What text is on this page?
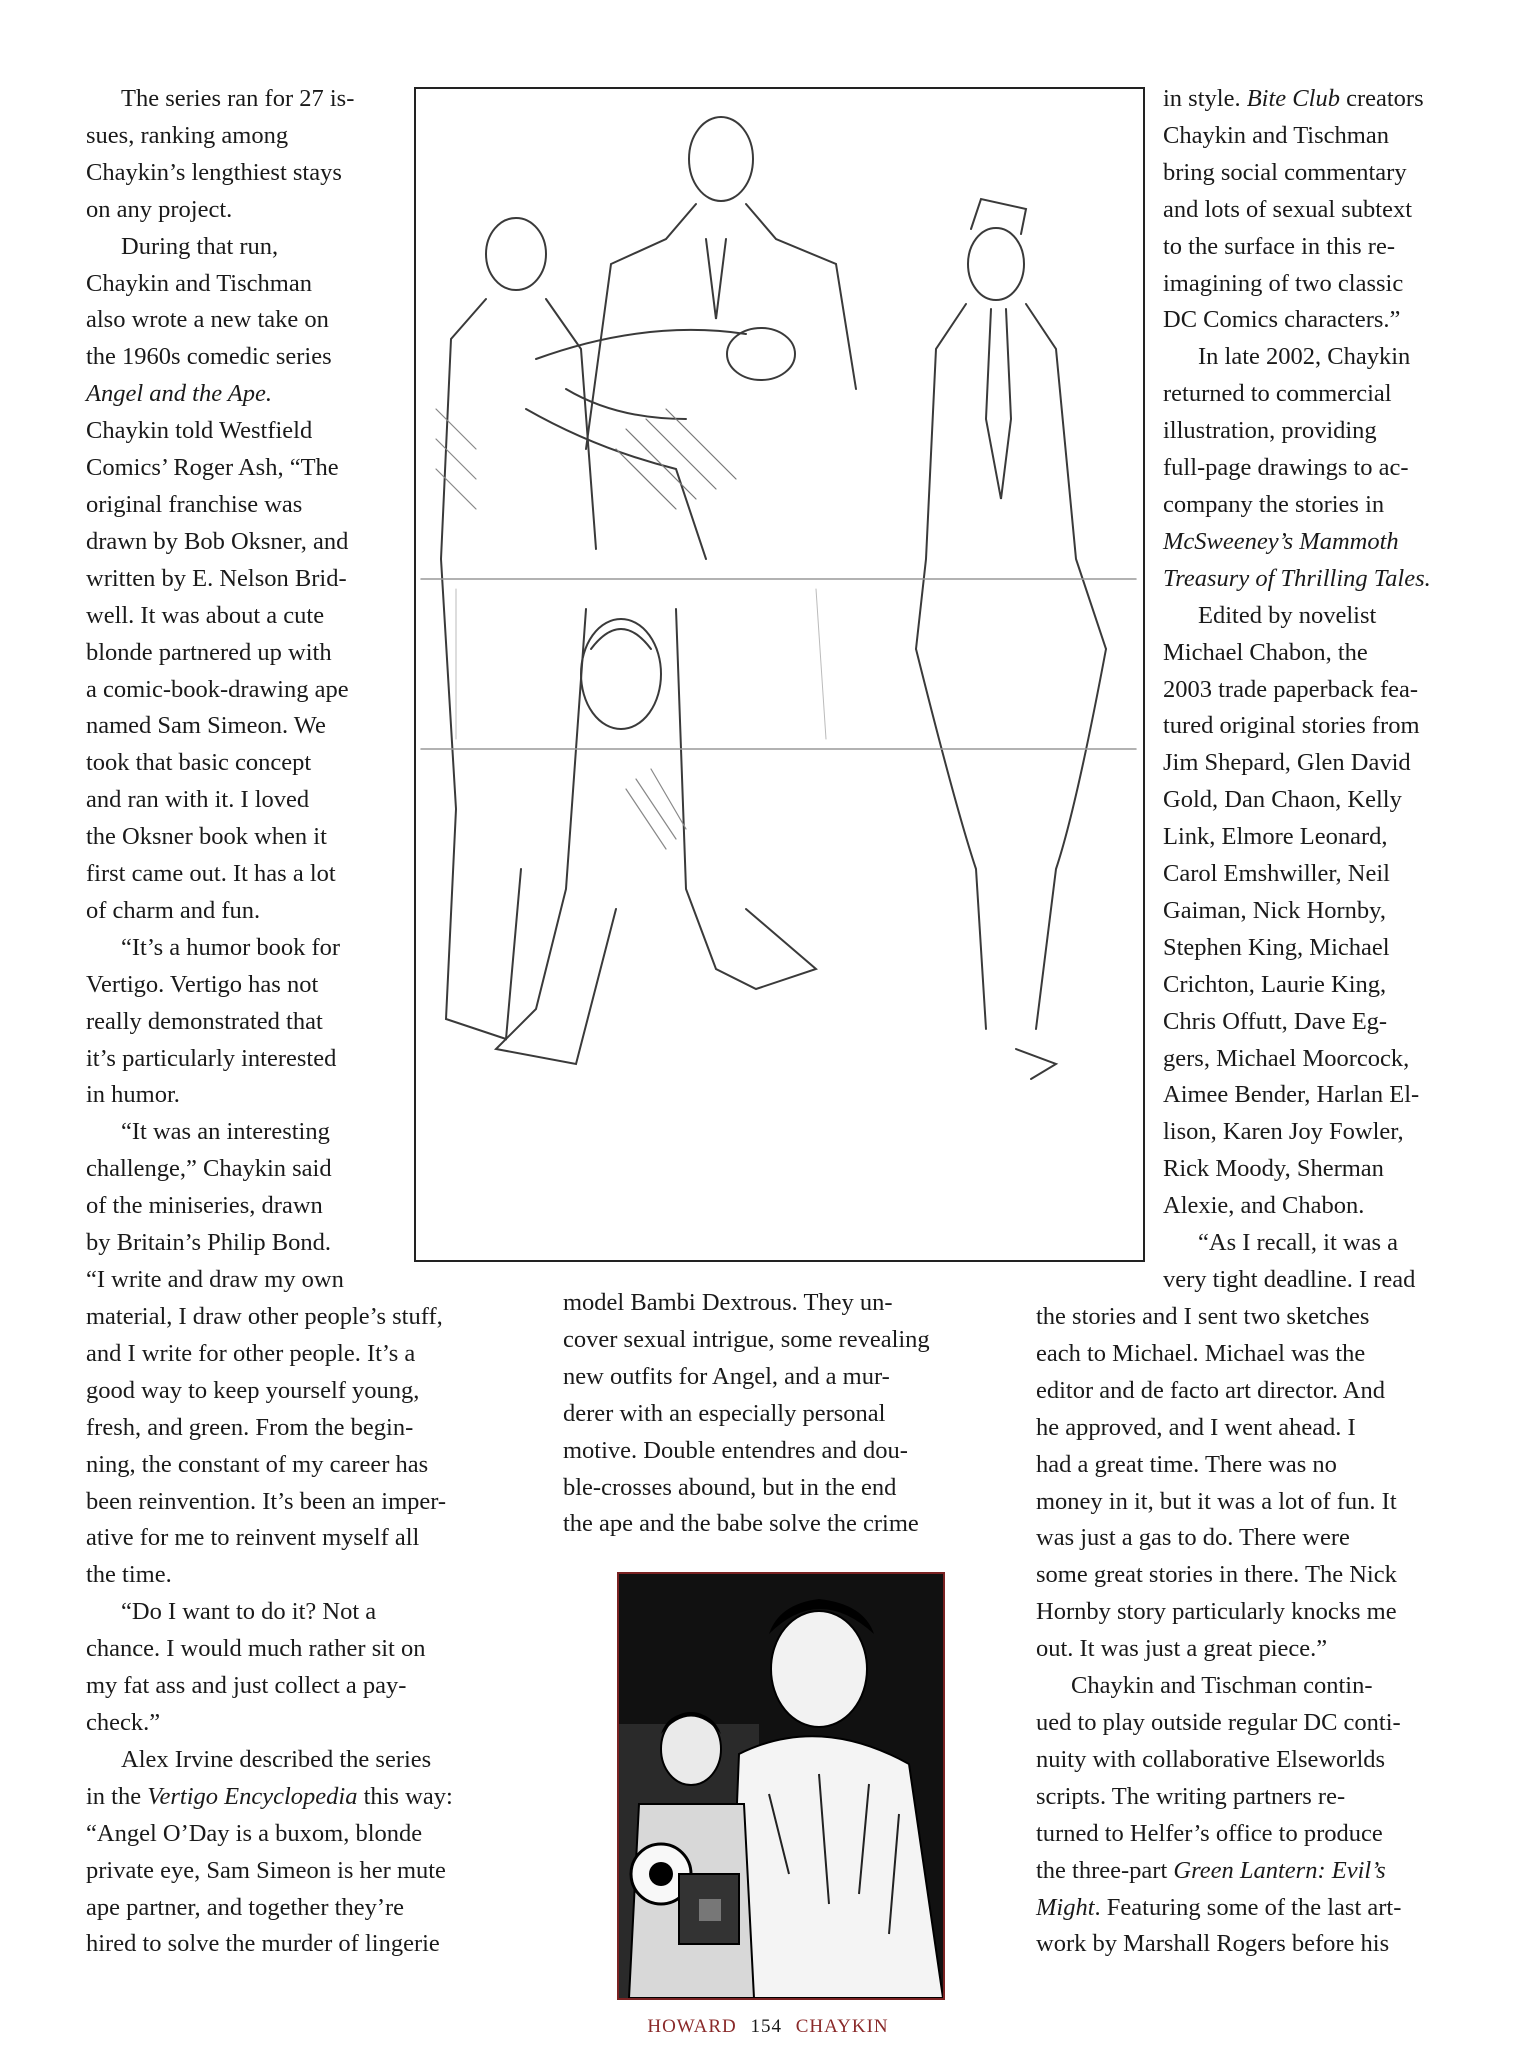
The series ran for 27 is-
sues, ranking among
Chaykin’s lengthiest stays
on any project.
During that run,
Chaykin and Tischman
also wrote a new take on
the 1960s comedic series
Angel and the Ape.
Chaykin told Westfield
Comics’ Roger Ash, “The
original franchise was
drawn by Bob Oksner, and
written by E. Nelson Brid-
well. It was about a cute
blonde partnered up with
a comic-book-drawing ape
named Sam Simeon. We
took that basic concept
and ran with it. I loved
the Oksner book when it
first came out. It has a lot
of charm and fun.
“It’s a humor book for
Vertigo. Vertigo has not
really demonstrated that
it’s particularly interested
in humor.
“It was an interesting
challenge,” Chaykin said
of the miniseries, drawn
by Britain’s Philip Bond.
“I write and draw my own
material, I draw other people’s stuff,
and I write for other people. It’s a
good way to keep yourself young,
fresh, and green. From the begin-
ning, the constant of my career has
been reinvention. It’s been an imper-
ative for me to reinvent myself all
the time.
“Do I want to do it? Not a
chance. I would much rather sit on
my fat ass and just collect a pay-
check.”
Alex Irvine described the series
in the Vertigo Encyclopedia this way:
“Angel O’Day is a buxom, blonde
private eye, Sam Simeon is her mute
ape partner, and together they’re
hired to solve the murder of lingerie
model Bambi Dextrous. They un-
cover sexual intrigue, some revealing
new outfits for Angel, and a mur-
derer with an especially personal
motive. Double entendres and dou-
ble-crosses abound, but in the end
the ape and the babe solve the crime
in style. Bite Club creators
Chaykin and Tischman
bring social commentary
and lots of sexual subtext
to the surface in this re-
imagining of two classic
DC Comics characters.”
In late 2002, Chaykin
returned to commercial
illustration, providing
full-page drawings to ac-
company the stories in
McSweeney’s Mammoth
Treasury of Thrilling Tales.
Edited by novelist
Michael Chabon, the
2003 trade paperback fea-
tured original stories from
Jim Shepard, Glen David
Gold, Dan Chaon, Kelly
Link, Elmore Leonard,
Carol Emshwiller, Neil
Gaiman, Nick Hornby,
Stephen King, Michael
Crichton, Laurie King,
Chris Offutt, Dave Eg-
gers, Michael Moorcock,
Aimee Bender, Harlan El-
lison, Karen Joy Fowler,
Rick Moody, Sherman
Alexie, and Chabon.
“As I recall, it was a
very tight deadline. I read
the stories and I sent two sketches
each to Michael. Michael was the
editor and de facto art director. And
he approved, and I went ahead. I
had a great time. There was no
money in it, but it was a lot of fun. It
was just a gas to do. There were
some great stories in there. The Nick
Hornby story particularly knocks me
out. It was just a great piece.”
Chaykin and Tischman contin-
ued to play outside regular DC conti-
nuity with collaborative Elseworlds
scripts. The writing partners re-
turned to Helfer’s office to produce
the three-part Green Lantern: Evil’s
Might. Featuring some of the last art-
work by Marshall Rogers before his
HOWARD 154 CHAYKIN
